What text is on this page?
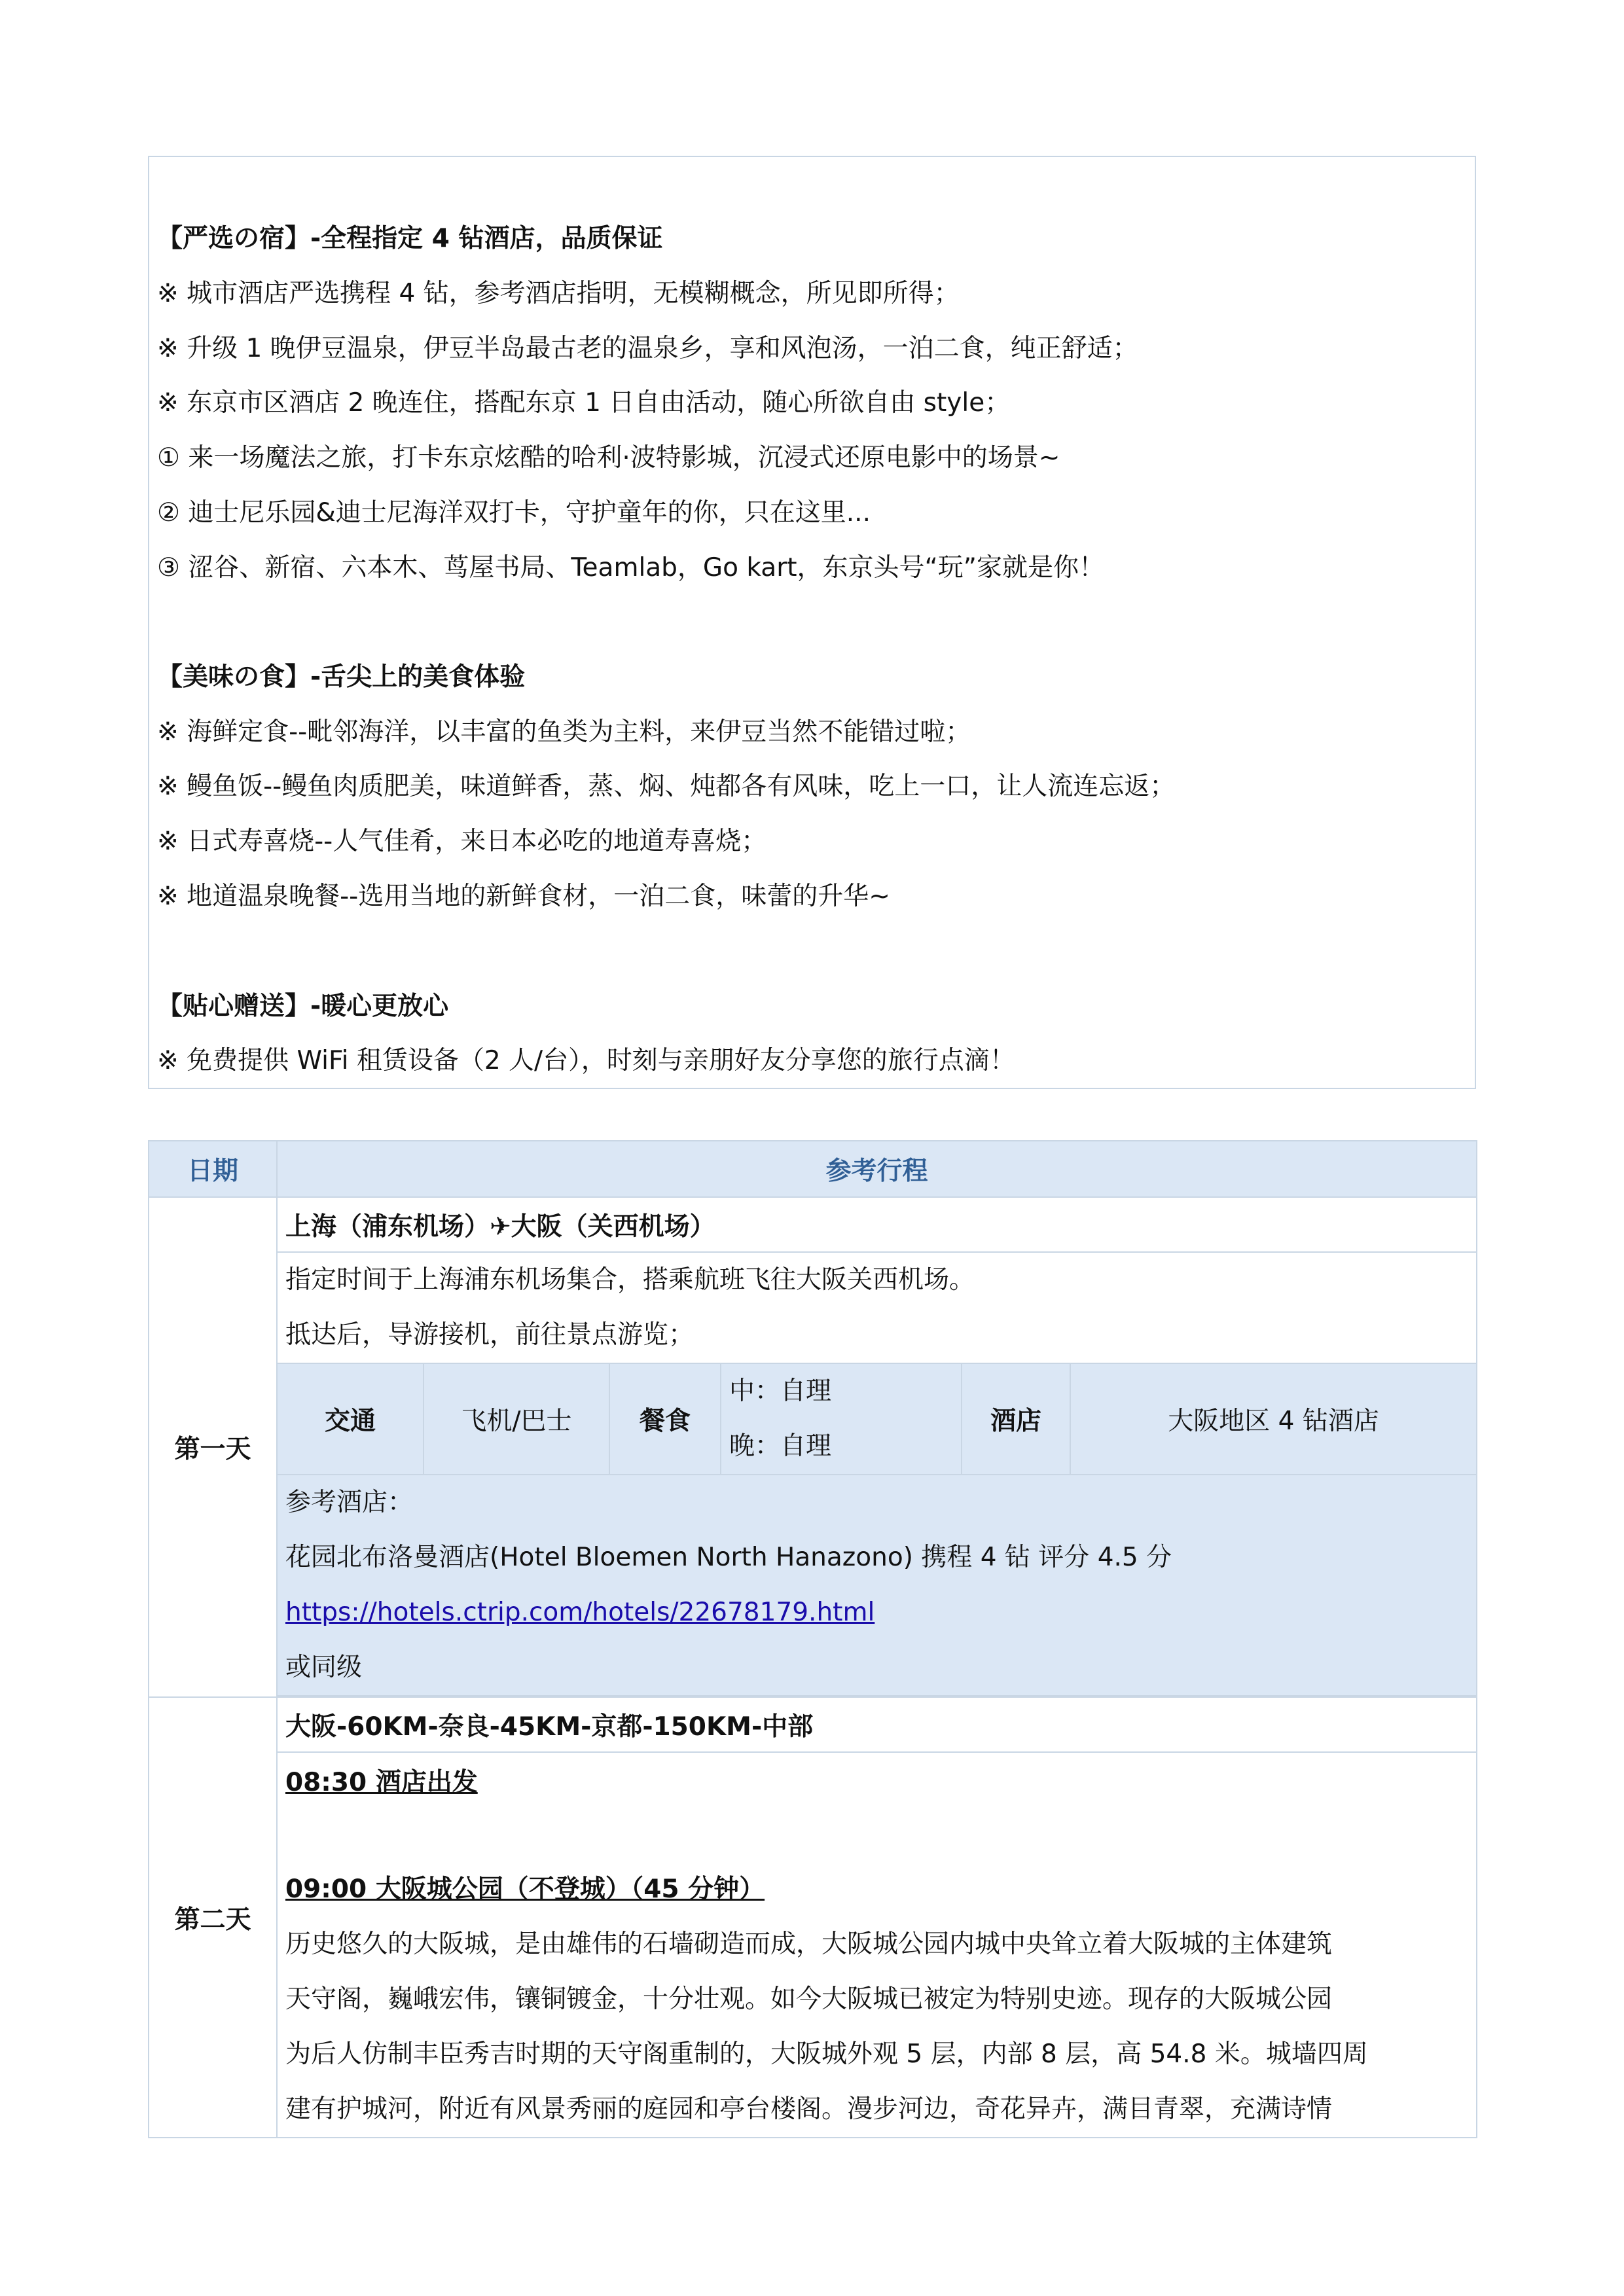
【严选の宿】-全程指定 4 钻酒店，品质保证
※ 城市酒店严选携程 4 钻，参考酒店指明，无模糊概念，所见即所得；
※ 升级 1 晚伊豆温泉，伊豆半岛最古老的温泉乡，享和风泡汤，一泊二食，纯正舒适；
※ 东京市区酒店 2 晚连住，搭配东京 1 日自由活动，随心所欲自由 style；
① 来一场魔法之旅，打卡东京炫酷的哈利·波特影城，沉浸式还原电影中的场景~
② 迪士尼乐园&迪士尼海洋双打卡，守护童年的你，只在这里...
③ 涩谷、新宿、六本木、茑屋书局、Teamlab，Go kart，东京头号“玩”家就是你！
【美味の食】-舌尖上的美食体验
※ 海鲜定食--毗邻海洋，以丰富的鱼类为主料，来伊豆当然不能错过啦；
※ 鳗鱼饭--鳗鱼肉质肥美，味道鲜香，蒸、焖、炖都各有风味，吃上一口，让人流连忘返；
※ 日式寿喜烧--人气佳肴，来日本必吃的地道寿喜烧；
※ 地道温泉晚餐--选用当地的新鲜食材，一泊二食，味蕾的升华~
【贴心赠送】-暖心更放心
※ 免费提供 WiFi 租赁设备（2 人/台），时刻与亲朋好友分享您的旅行点滴！
日期	参考行程					
第一天	上海（浦东机场）✈大阪（关西机场）					

	指定时间于上海浦东机场集合，搭乘航班飞往大阪关西机场。
抵达后，导游接机，前往景点游览；					

	交通	飞机/巴士	餐食	中：自理
晚：自理	酒店	大阪地区 4 钻酒店

	参考酒店：
花园北布洛曼酒店(Hotel Bloemen North Hanazono) 携程 4 钻 评分 4.5 分
https://hotels.ctrip.com/hotels/22678179.html
或同级					

第二天	大阪-60KM-奈良-45KM-京都-150KM-中部					
	08:30 酒店出发					

	09:00 大阪城公园（不登城）（45 分钟）
历史悠久的大阪城，是由雄伟的石墙砌造而成，大阪城公园内城中央耸立着大阪城的主体建筑
天守阁，巍峨宏伟，镶铜镀金，十分壮观。如今大阪城已被定为特别史迹。现存的大阪城公园
为后人仿制丰臣秀吉时期的天守阁重制的，大阪城外观 5 层，内部 8 层，高 54.8 米。城墙四周
建有护城河，附近有风景秀丽的庭园和亭台楼阁。漫步河边，奇花异卉，满目青翠，充满诗情					
